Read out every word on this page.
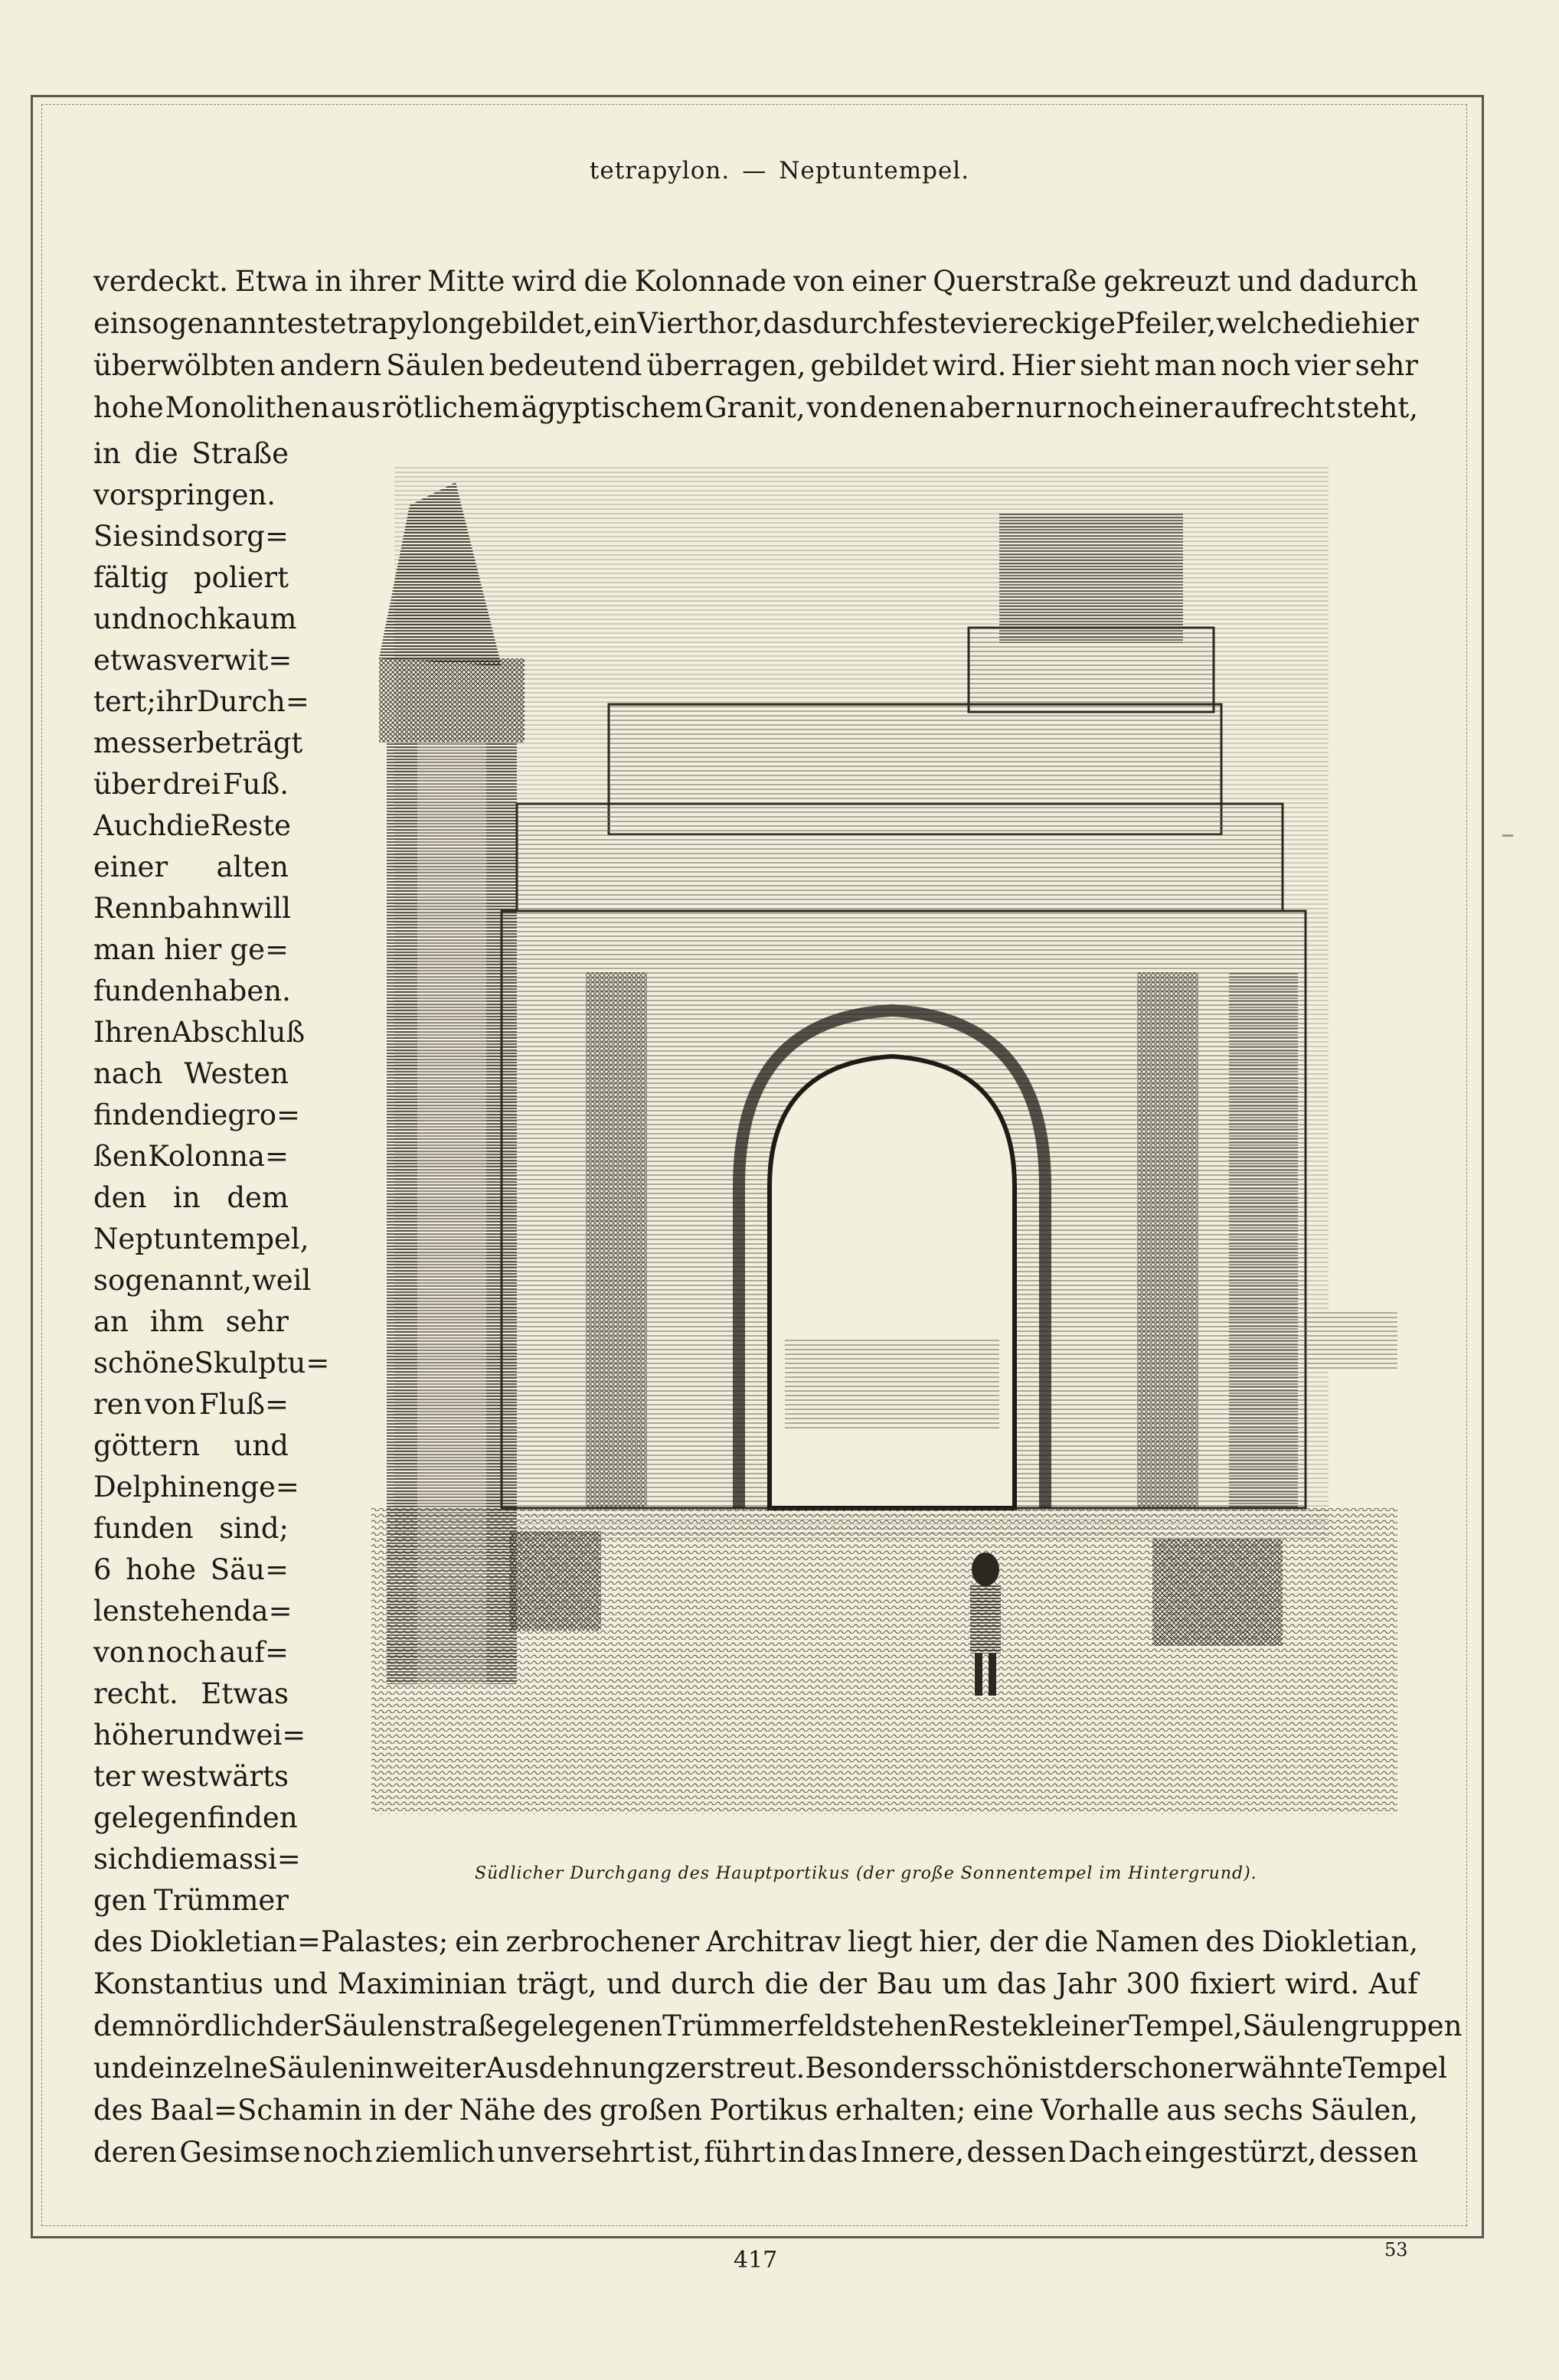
tetrapylon. — Neptuntempel.
verdeckt. Etwa in ihrer Mitte wird die Kolonnade von einer Querstraße gekreuzt und dadurch
ein sogenanntes tetrapylon gebildet, ein Vierthor, das durch feste viereckige Pfeiler, welche die hier
überwölbten andern Säulen bedeutend überragen, gebildet wird. Hier sieht man noch vier sehr
hohe Monolithen aus rötlichem ägyptischem Granit, von denen aber nur noch einer aufrecht steht,
in die Straße
vorspringen.
Sie sind sorg=
fältig poliert
und noch kaum
etwas verwit=
tert;ihrDurch=
messer beträgt
über drei Fuß.
Auch die Reste
einer alten
Rennbahn will
man hier ge=
funden haben.
IhrenAbschluß
nach Westen
finden die gro=
ßen Kolonna=
den in dem
Neptuntempel,
sogenannt,weil
an ihm sehr
schöneSkulptu=
ren von Fluß=
göttern und
Delphinen ge=
funden sind;
6 hohe Säu=
len stehen da=
von noch auf=
recht. Etwas
höher und wei=
ter westwärts
gelegen finden
sich die massi=
gen Trümmer
Südlicher Durchgang des Hauptportikus (der große Sonnentempel im Hintergrund).
des Diokletian=Palastes; ein zerbrochener Architrav liegt hier, der die Namen des Diokletian,
Konstantius und Maximinian trägt, und durch die der Bau um das Jahr 300 fixiert wird. Auf
dem nördlich der Säulenstraße gelegenen Trümmerfeld stehen Reste kleiner Tempel, Säulengruppen
und einzelne Säulen in weiter Ausdehnung zerstreut. Besonders schön ist der schon erwähnte Tempel
des Baal=Schamin in der Nähe des großen Portikus erhalten; eine Vorhalle aus sechs Säulen,
deren Gesimse noch ziemlich unversehrt ist, führt in das Innere, dessen Dach eingestürzt, dessen
417	53
